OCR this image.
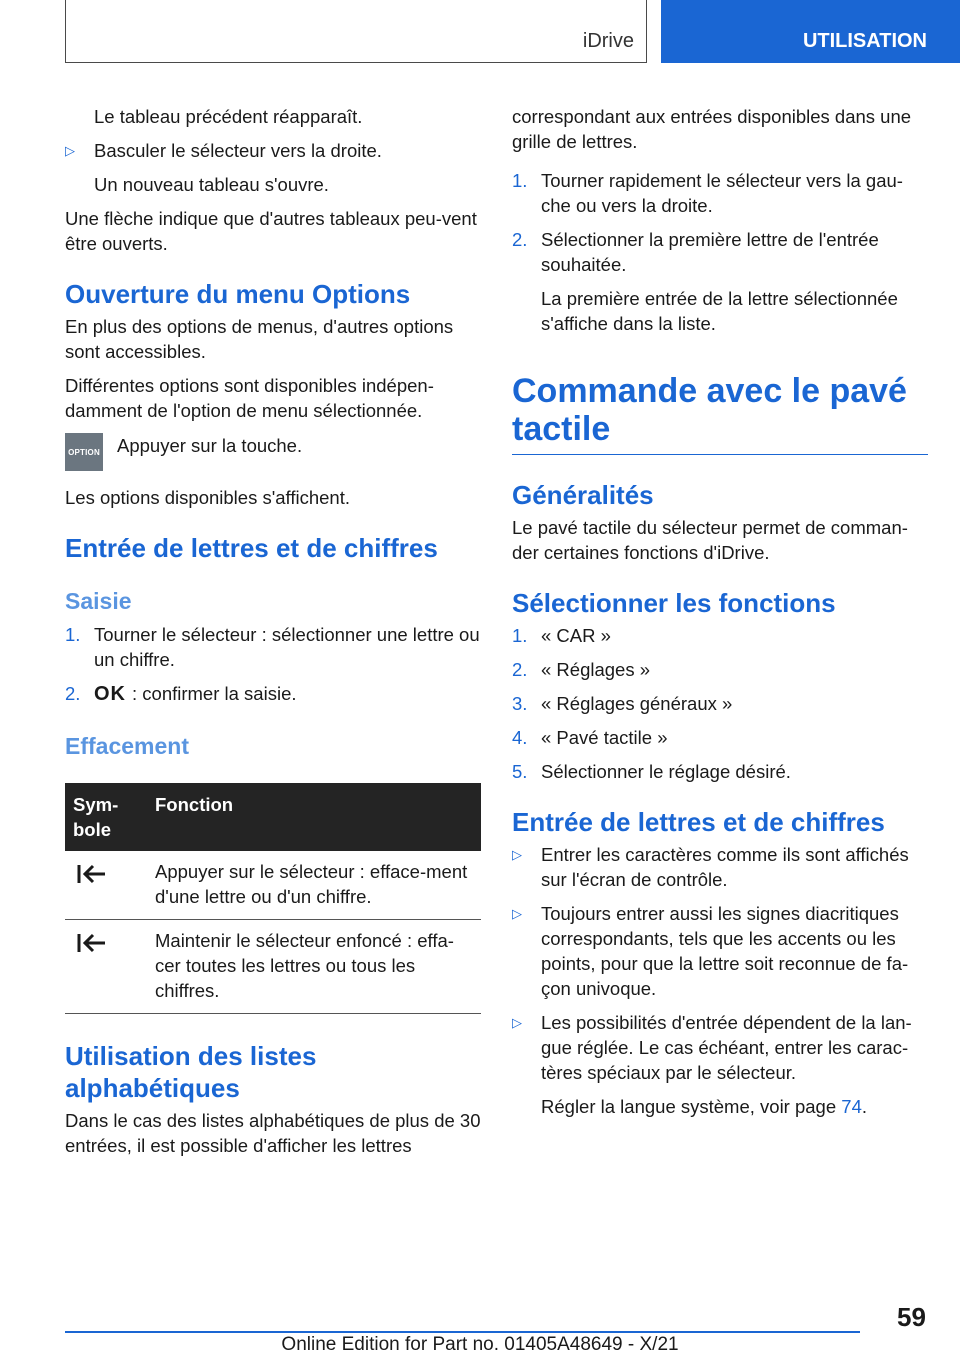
iDrive	UTILISATION

Le tableau précédent réapparaît.

▷ Basculer le sélecteur vers la droite.

Un nouveau tableau s'ouvre.

Une flèche indique que d'autres tableaux peu-vent être ouverts.

Ouverture du menu Options

En plus des options de menus, d'autres options sont accessibles.

Différentes options sont disponibles indépen-damment de l'option de menu sélectionnée.

OPTION Appuyer sur la touche.

Les options disponibles s'affichent.

Entrée de lettres et de chiffres
Saisie

1. Tourner le sélecteur : sélectionner une lettre ou un chiffre.

2. OK : confirmer la saisie.

Effacement
Sym-bole	Fonction
	Appuyer sur le sélecteur : efface-ment d'une lettre ou d'un chiffre.
	Maintenir le sélecteur enfoncé : effa-cer toutes les lettres ou tous les chiffres.
Utilisation des listes alphabétiques

Dans le cas des listes alphabétiques de plus de 30 entrées, il est possible d'afficher les lettres

correspondant aux entrées disponibles dans une grille de lettres.

1. Tourner rapidement le sélecteur vers la gau-che ou vers la droite.

2. Sélectionner la première lettre de l'entrée souhaitée.

La première entrée de la lettre sélectionnée s'affiche dans la liste.

Commande avec le pavé tactile
Généralités

Le pavé tactile du sélecteur permet de comman-der certaines fonctions d'iDrive.

Sélectionner les fonctions

1. « CAR »

2. « Réglages »

3. « Réglages généraux »

4. « Pavé tactile »

5. Sélectionner le réglage désiré.

Entrée de lettres et de chiffres

▷ Entrer les caractères comme ils sont affichés sur l'écran de contrôle.

▷ Toujours entrer aussi les signes diacritiques correspondants, tels que les accents ou les points, pour que la lettre soit reconnue de fa-çon univoque.

▷ Les possibilités d'entrée dépendent de la lan-gue réglée. Le cas échéant, entrer les carac-tères spéciaux par le sélecteur.

Régler la langue système, voir page 74.

59
Online Edition for Part no. 01405A48649 - X/21
